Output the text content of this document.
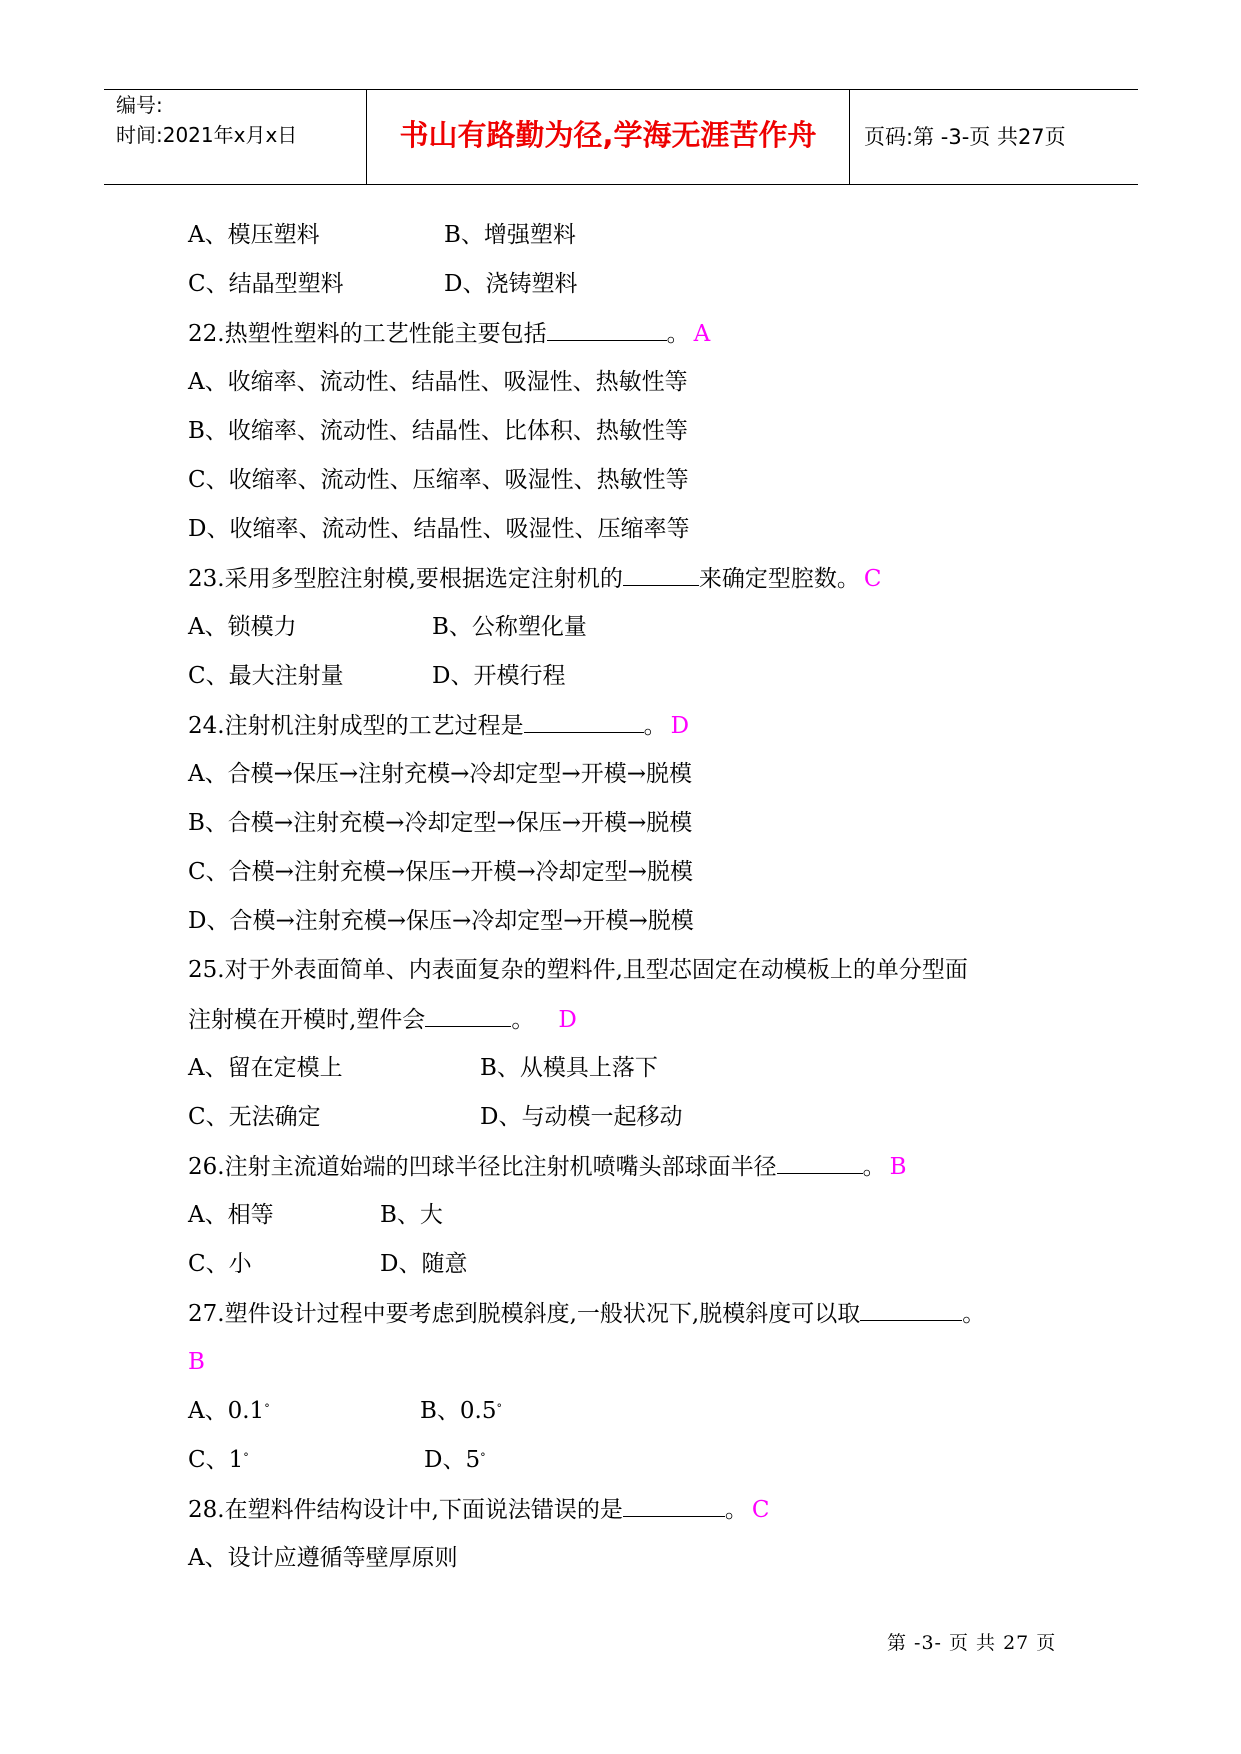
编号:
时间:2021年x月x日	书山有路勤为径,学海无涯苦作舟	页码:第 -3-页 共27页
A、模压塑料	B、增强塑料
C、结晶型塑料	D、浇铸塑料
22.热塑性塑料的工艺性能主要包括	。 A
A、收缩率、流动性、结晶性、吸湿性、热敏性等
B、收缩率、流动性、结晶性、比体积、热敏性等
C、收缩率、流动性、压缩率、吸湿性、热敏性等
D、收缩率、流动性、结晶性、吸湿性、压缩率等
23.采用多型腔注射模,要根据选定注射机的	来确定型腔数。 C
A、锁模力	B、公称塑化量
C、最大注射量	D、开模行程
24.注射机注射成型的工艺过程是	。 D
A、合模→保压→注射充模→冷却定型→开模→脱模
B、合模→注射充模→冷却定型→保压→开模→脱模
C、合模→注射充模→保压→开模→冷却定型→脱模
D、合模→注射充模→保压→冷却定型→开模→脱模
25.对于外表面简单、内表面复杂的塑料件,且型芯固定在动模板上的单分型面
注射模在开模时,塑件会	。 D
A、留在定模上	B、从模具上落下
C、无法确定	D、与动模一起移动
26.注射主流道始端的凹球半径比注射机喷嘴头部球面半径	。 B
A、相等	B、大
C、小	D、随意
27.塑件设计过程中要考虑到脱模斜度,一般状况下,脱模斜度可以取	。
B
A、0.1°	B、0.5°
C、1°	D、5°
28.在塑料件结构设计中,下面说法错误的是	。 C
A、设计应遵循等壁厚原则
第 -3- 页 共 27 页
